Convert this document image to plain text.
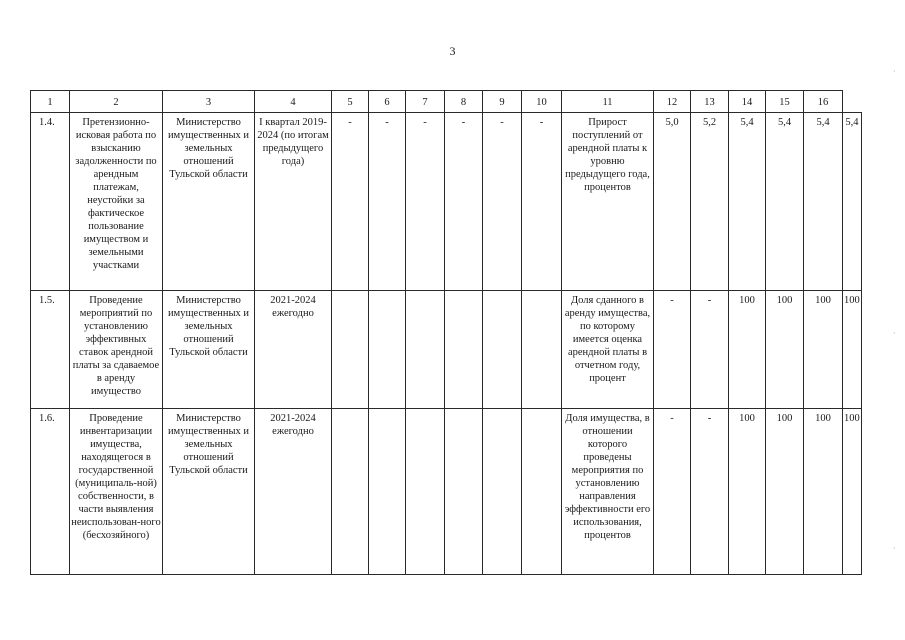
3
1	2	3	4	5	6	7	8	9	10	11	12	13	14	15	16	
1.4.	Претензионно-исковая работа по взысканию задолженности по арендным платежам, неустойки за фактическое пользование имуществом и земельными участками	Министерство имущественных и земельных отношений Тульской области	I квартал 2019-2024 (по итогам предыдущего года)	-	-	-	-	-	-	Прирост поступлений от арендной платы к уровню предыдущего года, процентов	5,0	5,2	5,4	5,4	5,4	5,4
1.5.	Проведение мероприятий по установлению эффективных ставок арендной платы за сдаваемое в аренду имущество	Министерство имущественных и земельных отношений Тульской области	2021-2024 ежегодно							Доля сданного в аренду имущества, по которому имеется оценка арендной платы в отчетном году, процент	-	-	100	100	100	100
1.6.	Проведение инвентаризации имущества, находящегося в государственной (муниципаль-ной) собственности, в части выявления неиспользован-ного (бесхозяйного)	Министерство имущественных и земельных отношений Тульской области	2021-2024 ежегодно							Доля имущества, в отношении которого проведены мероприятия по установлению направления эффективности его использования, процентов	-	-	100	100	100	100
·
·
·
